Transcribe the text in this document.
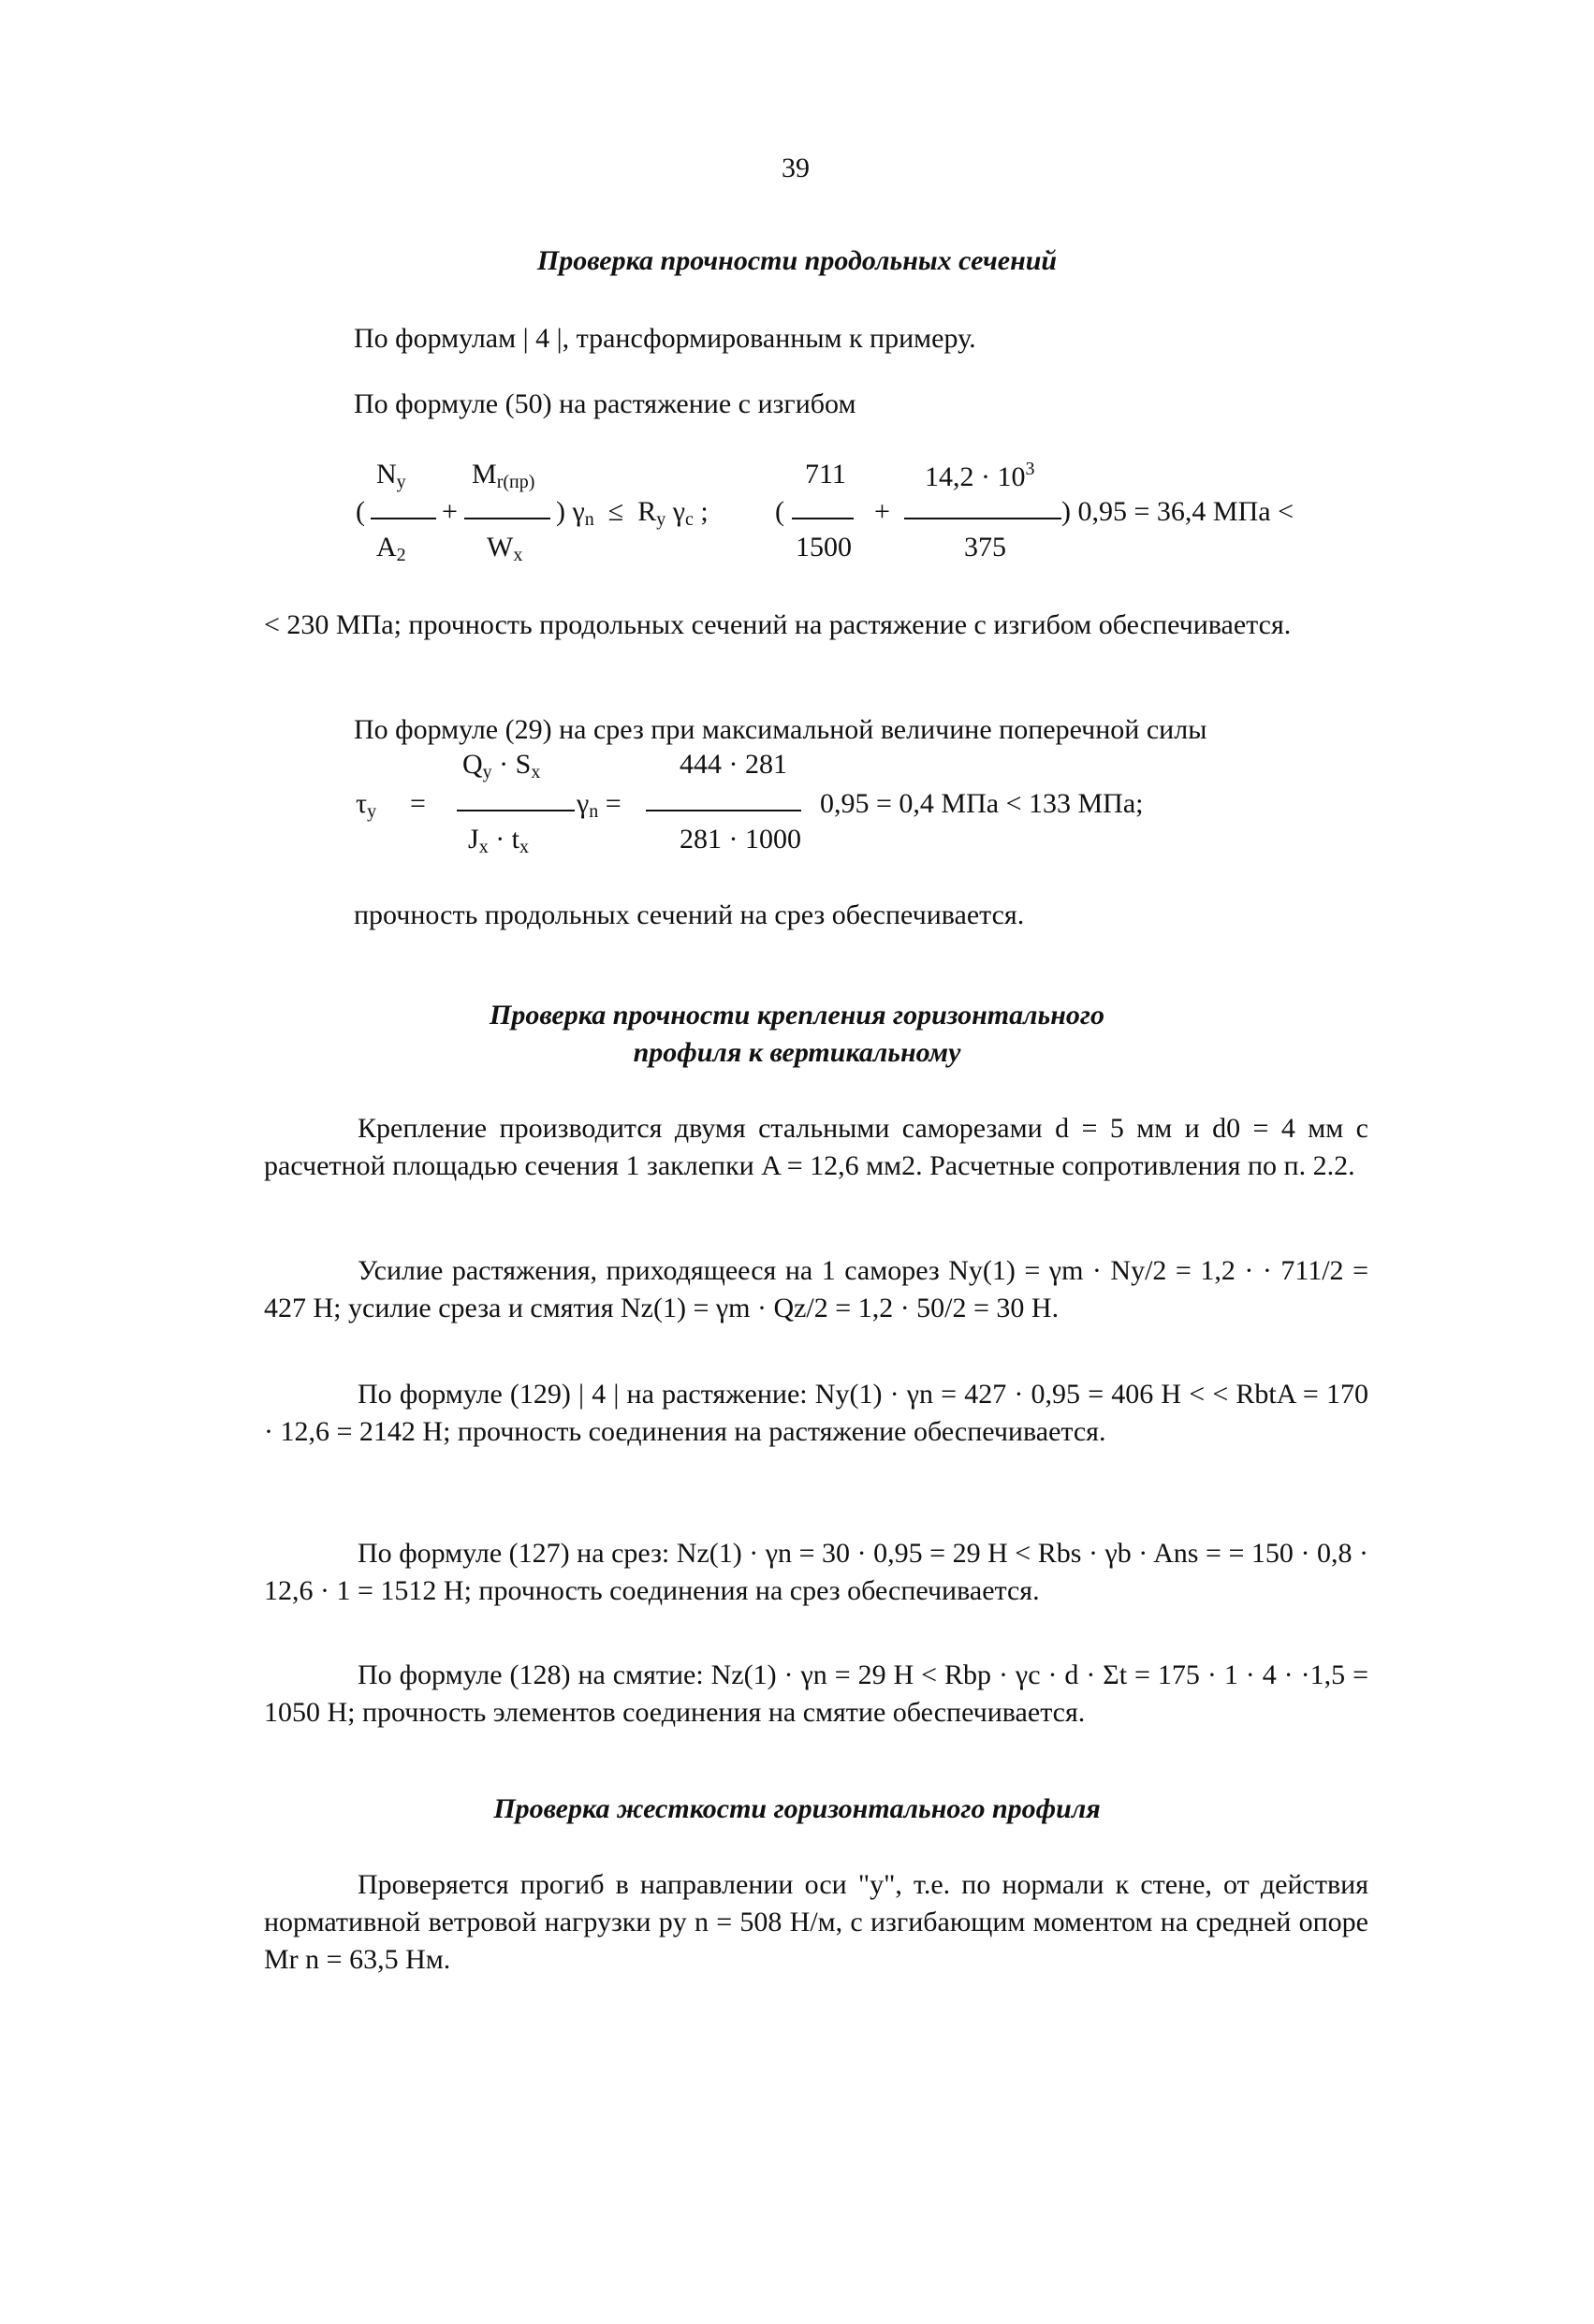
39
Проверка прочности продольных сечений
По формулам | 4 |, трансформированным к примеру.
По формуле (50) на растяжение с изгибом
$N_y$
(
$A_2$
+
$M_{r(пр)}$
$W_x$
) $\gamma_n \le R_y$ $\gamma_c$ ; (
711
1500
+
$14,2 \cdot 10^3$
375
) 0,95 = 36,4 МПа <
< 230 МПа; прочность продольных сечений на растяжение с изгибом обеспечивается.
По формуле (29) на срез при максимальной величине поперечной силы
$Q_y \cdot S_x$
$\tau_y$ =
$J_x \cdot t_x$
$\gamma_n$ =
444 · 281
281 · 1000
0,95 = 0,4 МПа < 133 МПа;
прочность продольных сечений на срез обеспечивается.
Проверка прочности крепления горизонтального
профиля к вертикальному
Крепление производится двумя стальными саморезами d = 5 мм и d0 = 4 мм с расчетной площадью сечения 1 заклепки A = 12,6 мм2. Расчетные сопротивления по п. 2.2.
Усилие растяжения, приходящееся на 1 саморез Ny(1) = γm · Ny/2 = 1,2 · · 711/2 = 427 Н; усилие среза и смятия Nz(1) = γm · Qz/2 = 1,2 · 50/2 = 30 Н.
По формуле (129) | 4 | на растяжение: Ny(1) · γn = 427 · 0,95 = 406 Н < < RbtA = 170 · 12,6 = 2142 Н; прочность соединения на растяжение обеспечивается.
По формуле (127) на срез: Nz(1) · γn = 30 · 0,95 = 29 Н < Rbs · γb · Ans = = 150 · 0,8 · 12,6 · 1 = 1512 Н; прочность соединения на срез обеспечивается.
По формуле (128) на смятие: Nz(1) · γn = 29 Н < Rbp · γc · d · Σt = 175 · 1 · 4 · ·1,5 = 1050 Н; прочность элементов соединения на смятие обеспечивается.
Проверка жесткости горизонтального профиля
Проверяется прогиб в направлении оси "y", т.е. по нормали к стене, от действия нормативной ветровой нагрузки py n = 508 Н/м, с изгибающим моментом на средней опоре Mr n = 63,5 Нм.
